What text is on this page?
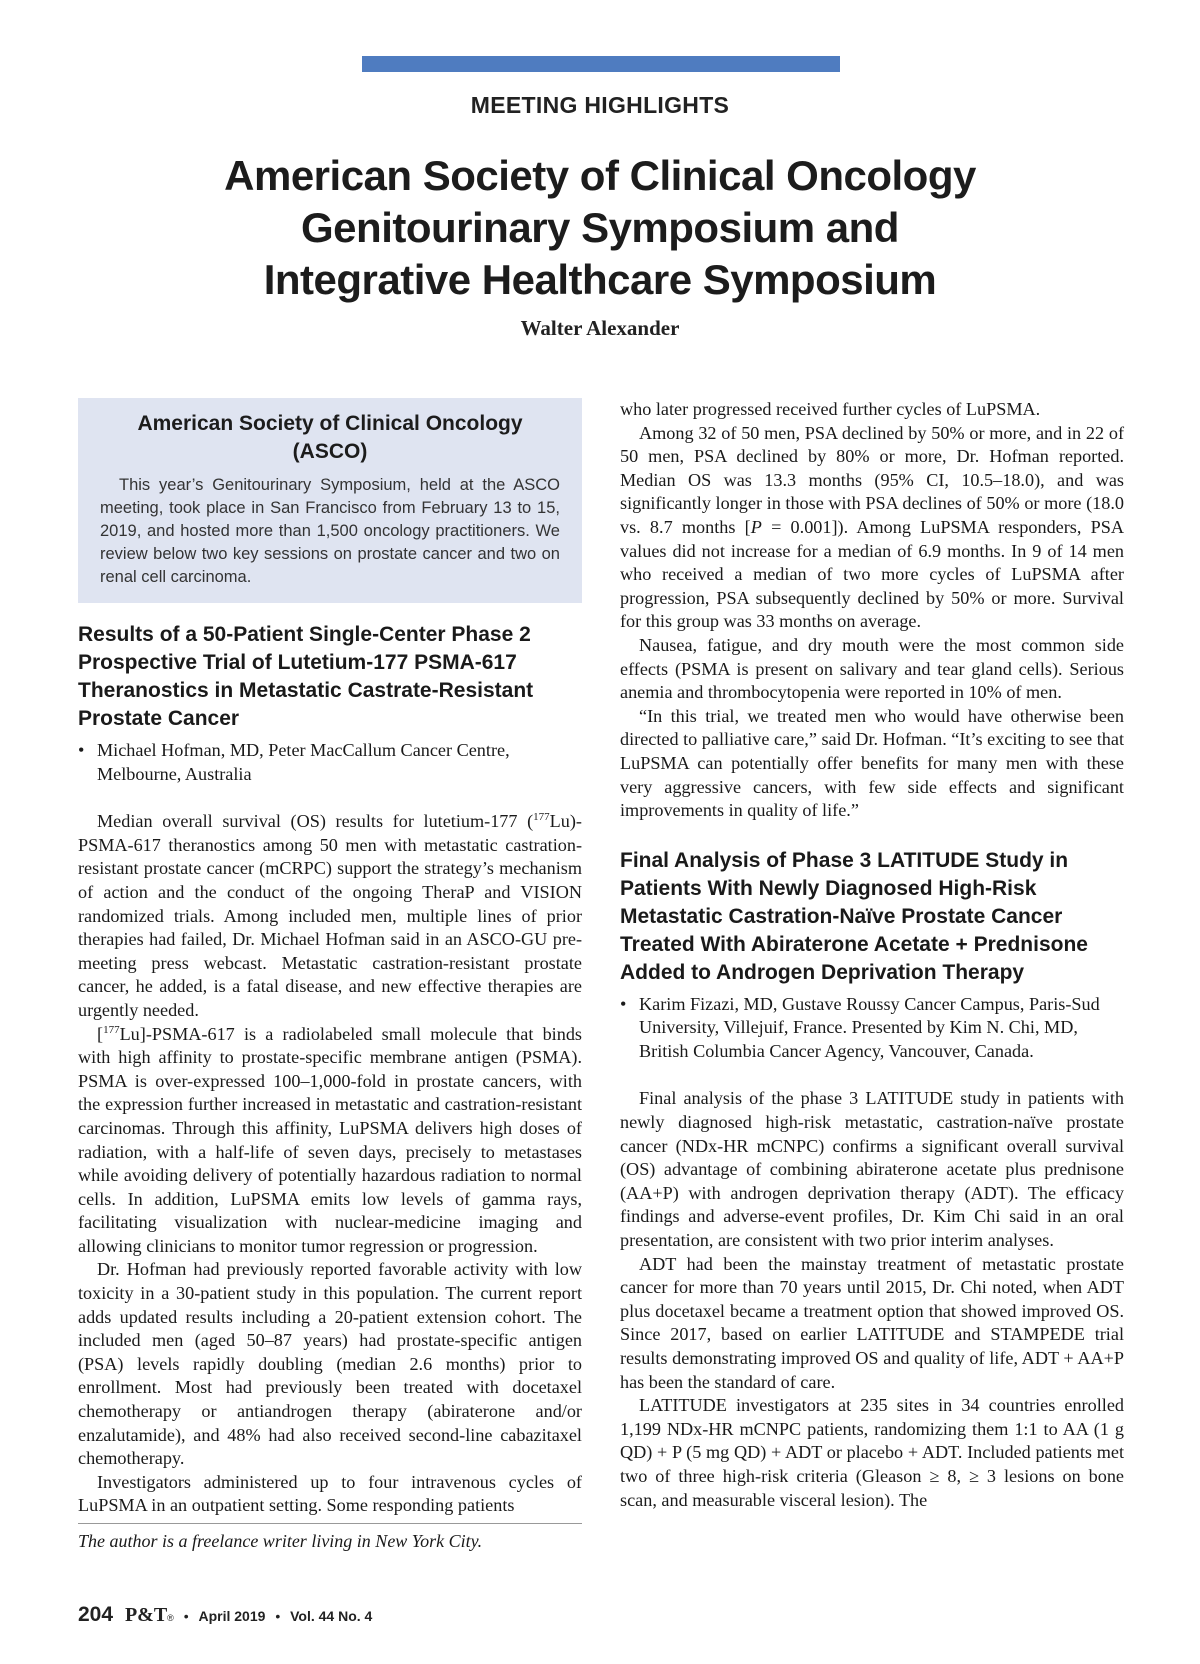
MEETING HIGHLIGHTS
American Society of Clinical Oncology
Genitourinary Symposium and
Integrative Healthcare Symposium
Walter Alexander
American Society of Clinical Oncology (ASCO)

This year’s Genitourinary Symposium, held at the ASCO meeting, took place in San Francisco from February 13 to 15, 2019, and hosted more than 1,500 oncology practitioners. We review below two key sessions on prostate cancer and two on renal cell carcinoma.

Results of a 50-Patient Single-Center Phase 2 Prospective Trial of Lutetium-177 PSMA-617 Theranostics in Metastatic Castrate-Resistant Prostate Cancer
• Michael Hofman, MD, Peter MacCallum Cancer Centre, Melbourne, Australia

Median overall survival (OS) results for lutetium-177 ($^{177}$Lu)-PSMA-617 theranostics among 50 men with metastatic castration-resistant prostate cancer (mCRPC) support the strategy’s mechanism of action and the conduct of the ongoing TheraP and VISION randomized trials. Among included men, multiple lines of prior therapies had failed, Dr. Michael Hofman said in an ASCO-GU pre-meeting press webcast. Metastatic castration-resistant prostate cancer, he added, is a fatal disease, and new effective therapies are urgently needed.

[$^{177}$Lu]-PSMA-617 is a radiolabeled small molecule that binds with high affinity to prostate-specific membrane antigen (PSMA). PSMA is over-expressed 100–1,000-fold in prostate cancers, with the expression further increased in metastatic and castration-resistant carcinomas. Through this affinity, LuPSMA delivers high doses of radiation, with a half-life of seven days, precisely to metastases while avoiding delivery of potentially hazardous radiation to normal cells. In addition, LuPSMA emits low levels of gamma rays, facilitating visualization with nuclear-medicine imaging and allowing clinicians to monitor tumor regression or progression.

Dr. Hofman had previously reported favorable activity with low toxicity in a 30-patient study in this population. The current report adds updated results including a 20-patient extension cohort. The included men (aged 50–87 years) had prostate-specific antigen (PSA) levels rapidly doubling (median 2.6 months) prior to enrollment. Most had previously been treated with docetaxel chemotherapy or antiandrogen therapy (abiraterone and/or enzalutamide), and 48% had also received second-line cabazitaxel chemotherapy.

Investigators administered up to four intravenous cycles of LuPSMA in an outpatient setting. Some responding patients

who later progressed received further cycles of LuPSMA.

Among 32 of 50 men, PSA declined by 50% or more, and in 22 of 50 men, PSA declined by 80% or more, Dr. Hofman reported. Median OS was 13.3 months (95% CI, 10.5–18.0), and was significantly longer in those with PSA declines of 50% or more (18.0 vs. 8.7 months [P = 0.001]). Among LuPSMA responders, PSA values did not increase for a median of 6.9 months. In 9 of 14 men who received a median of two more cycles of LuPSMA after progression, PSA subsequently declined by 50% or more. Survival for this group was 33 months on average.

Nausea, fatigue, and dry mouth were the most common side effects (PSMA is present on salivary and tear gland cells). Serious anemia and thrombocytopenia were reported in 10% of men.

“In this trial, we treated men who would have otherwise been directed to palliative care,” said Dr. Hofman. “It’s exciting to see that LuPSMA can potentially offer benefits for many men with these very aggressive cancers, with few side effects and significant improvements in quality of life.”

Final Analysis of Phase 3 LATITUDE Study in Patients With Newly Diagnosed High-Risk Metastatic Castration-Naïve Prostate Cancer Treated With Abiraterone Acetate + Prednisone Added to Androgen Deprivation Therapy
• Karim Fizazi, MD, Gustave Roussy Cancer Campus, Paris-Sud University, Villejuif, France. Presented by Kim N. Chi, MD, British Columbia Cancer Agency, Vancouver, Canada.

Final analysis of the phase 3 LATITUDE study in patients with newly diagnosed high-risk metastatic, castration-naïve prostate cancer (NDx-HR mCNPC) confirms a significant overall survival (OS) advantage of combining abiraterone acetate plus prednisone (AA+P) with androgen deprivation therapy (ADT). The efficacy findings and adverse-event profiles, Dr. Kim Chi said in an oral presentation, are consistent with two prior interim analyses.

ADT had been the mainstay treatment of metastatic prostate cancer for more than 70 years until 2015, Dr. Chi noted, when ADT plus docetaxel became a treatment option that showed improved OS. Since 2017, based on earlier LATITUDE and STAMPEDE trial results demonstrating improved OS and quality of life, ADT + AA+P has been the standard of care.

LATITUDE investigators at 235 sites in 34 countries enrolled 1,199 NDx-HR mCNPC patients, randomizing them 1:1 to AA (1 g QD) + P (5 mg QD) + ADT or placebo + ADT. Included patients met two of three high-risk criteria (Gleason ≥ 8, ≥ 3 lesions on bone scan, and measurable visceral lesion). The

The author is a freelance writer living in New York City.
204 P&T® • April 2019 • Vol. 44 No. 4
